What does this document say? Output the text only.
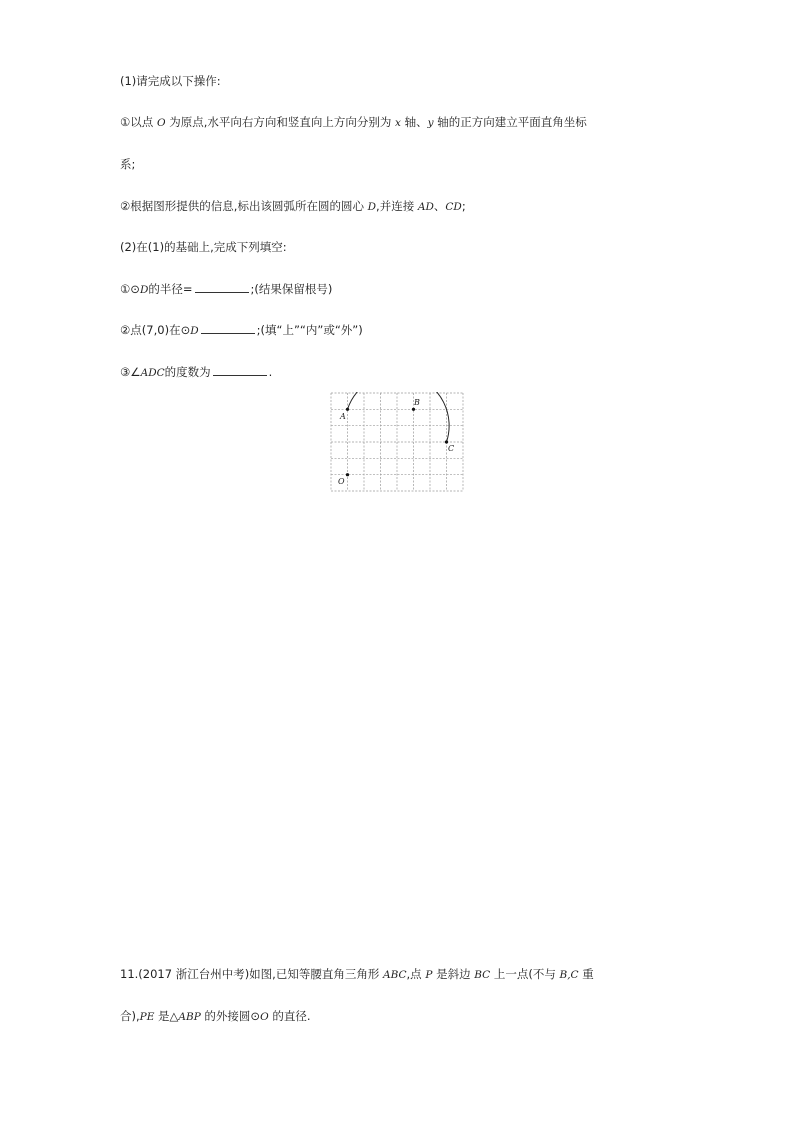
(1)请完成以下操作:
①以点 O 为原点,水平向右方向和竖直向上方向分别为 x 轴、y 轴的正方向建立平面直角坐标
系;
②根据图形提供的信息,标出该圆弧所在圆的圆心 D,并连接 AD、CD;
(2)在(1)的基础上,完成下列填空:
①⊙D的半径=	;(结果保留根号)
②点(7,0)在⊙D	;(填“上”“内”或“外”)
③∠ADC的度数为	.
A
B
C
O
11.(2017 浙江台州中考)如图,已知等腰直角三角形 ABC,点 P 是斜边 BC 上一点(不与 B,C 重
合),PE 是△ABP 的外接圆⊙O 的直径.
